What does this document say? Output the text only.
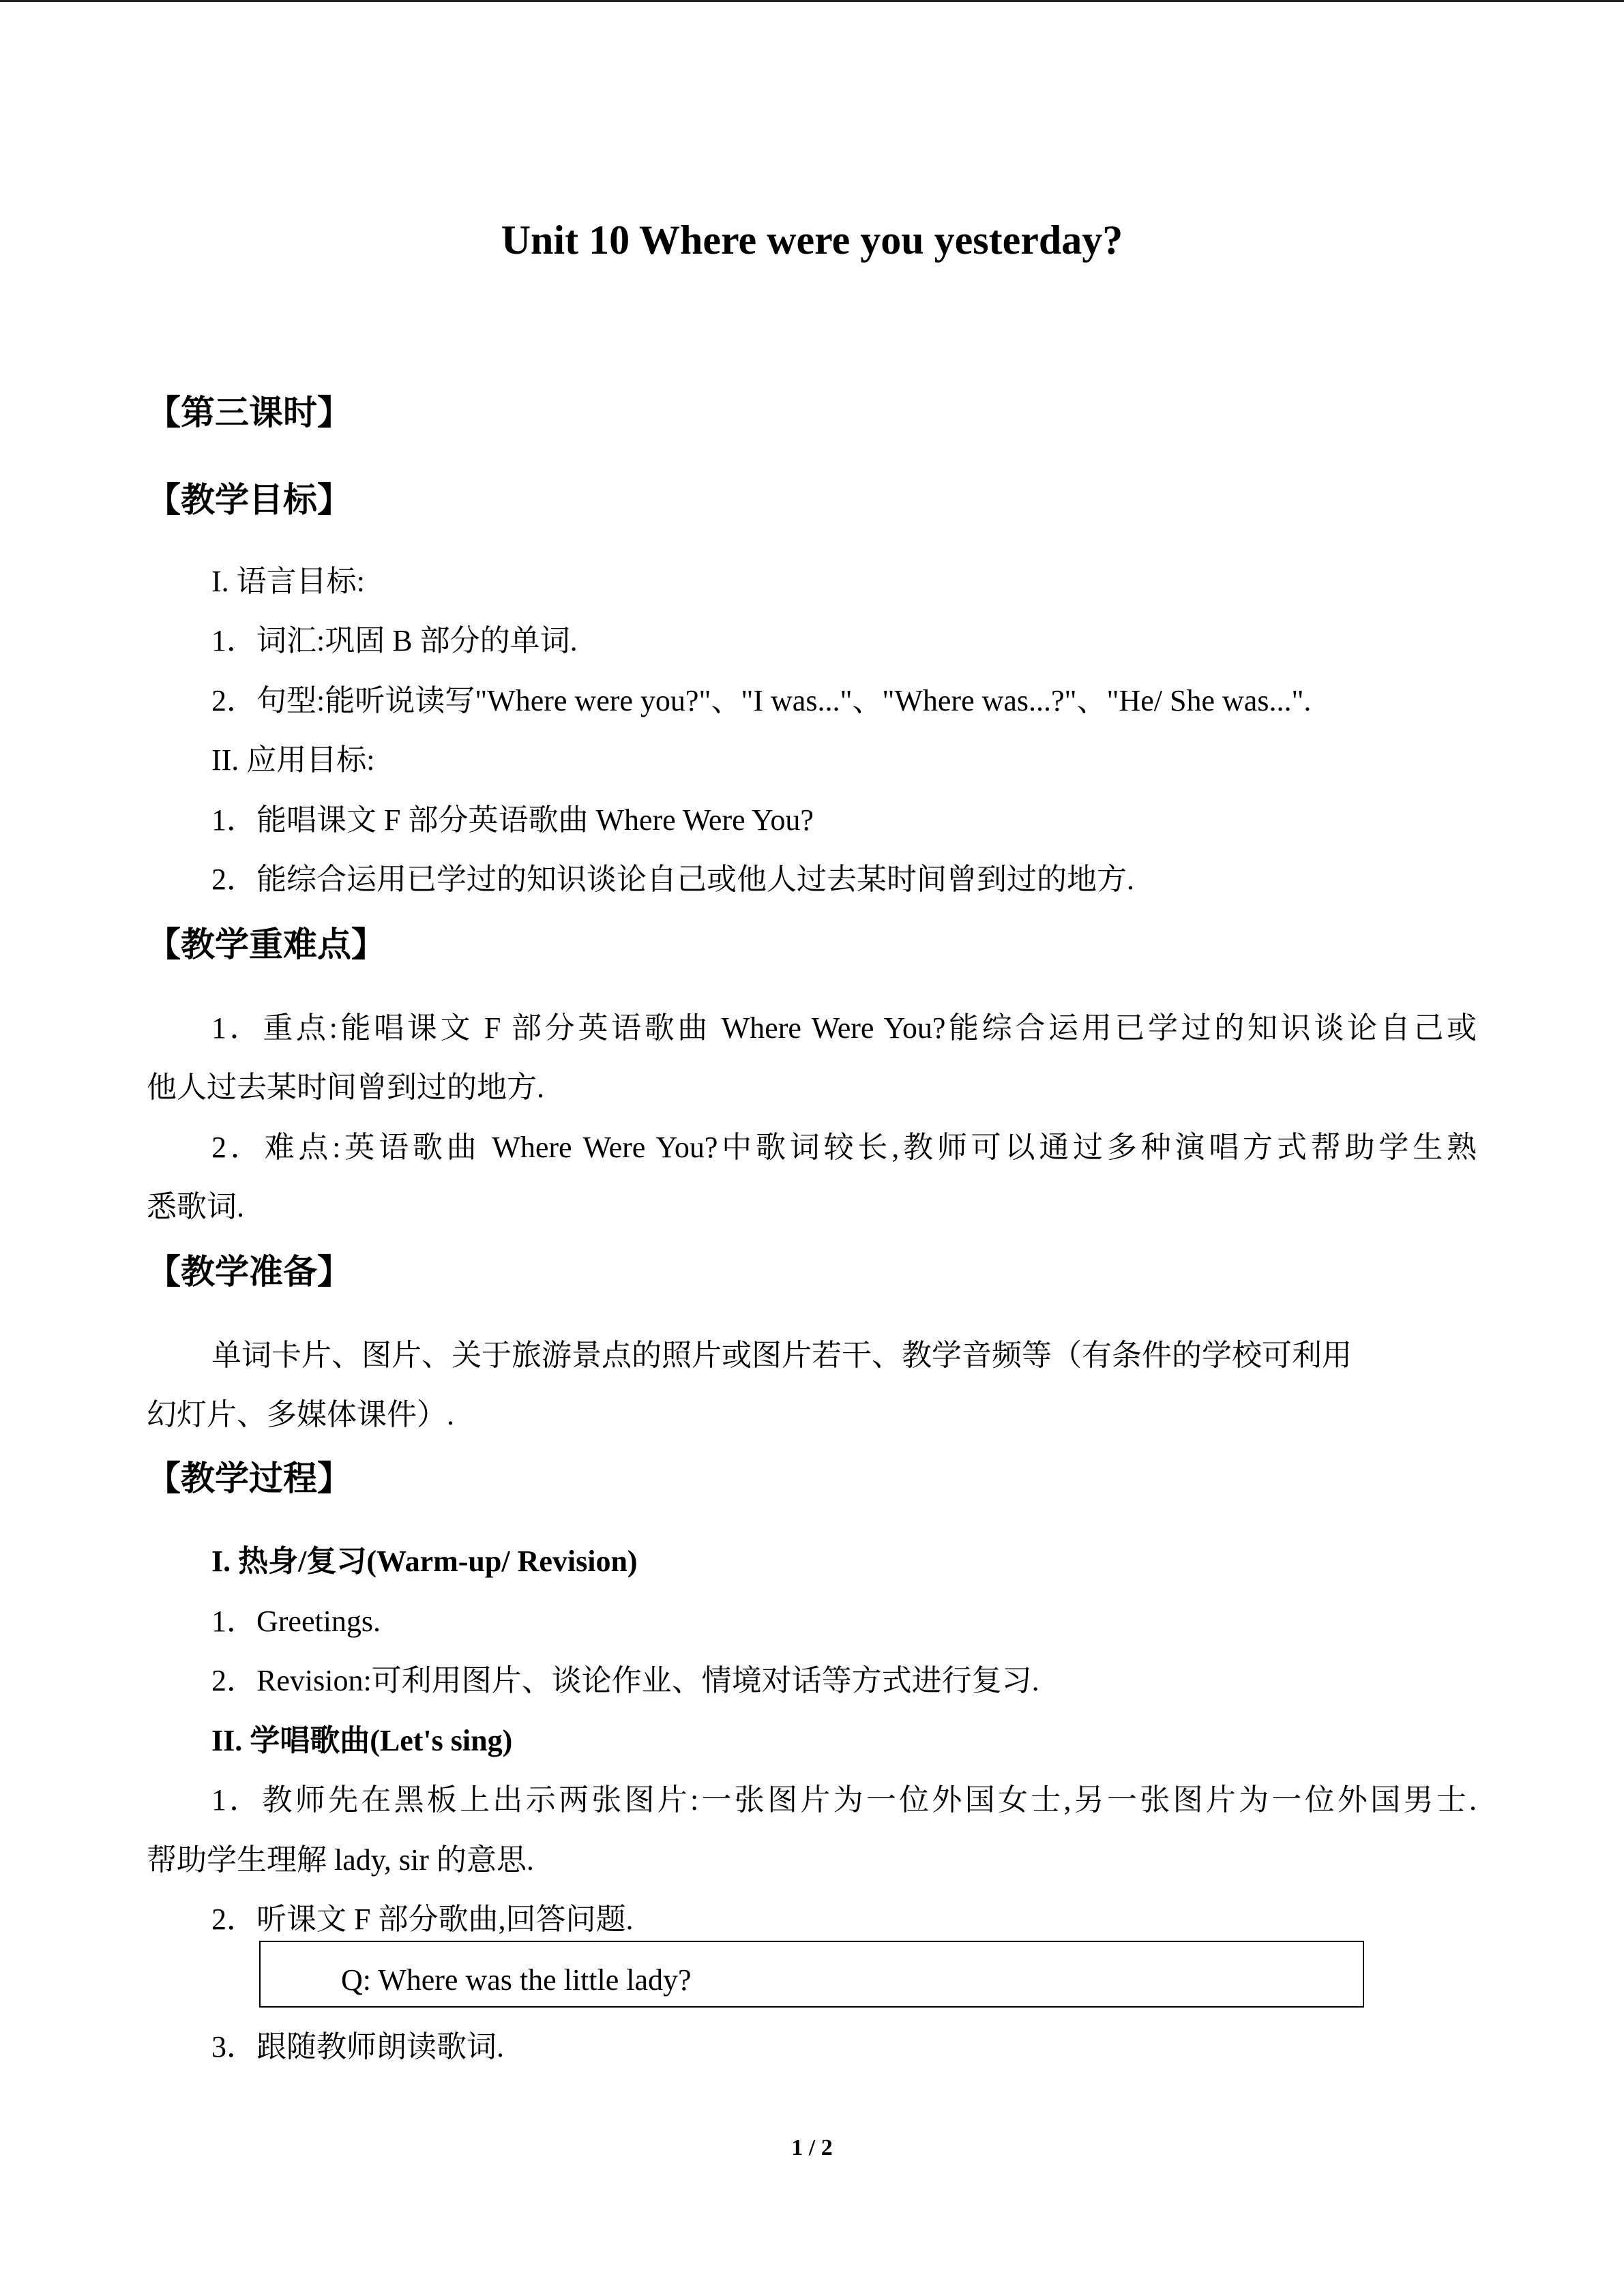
Unit 10 Where were you yesterday?
【第三课时】
【教学目标】
I. 语言目标:
1．词汇:巩固 B 部分的单词.
2．句型:能听说读写"Where were you?"、"I was..."、"Where was...?"、"He/ She was...".
II. 应用目标:
1．能唱课文 F 部分英语歌曲 Where Were You?
2．能综合运用已学过的知识谈论自己或他人过去某时间曾到过的地方.
【教学重难点】
1．重点:能唱课文 F 部分英语歌曲 Where Were You?能综合运用已学过的知识谈论自己或
他人过去某时间曾到过的地方.
2．难点:英语歌曲 Where Were You?中歌词较长,教师可以通过多种演唱方式帮助学生熟
悉歌词.
【教学准备】
单词卡片、图片、关于旅游景点的照片或图片若干、教学音频等（有条件的学校可利用
幻灯片、多媒体课件）.
【教学过程】
I. 热身/复习(Warm-up/ Revision)
1．Greetings.
2．Revision:可利用图片、谈论作业、情境对话等方式进行复习.
II. 学唱歌曲(Let's sing)
1．教师先在黑板上出示两张图片:一张图片为一位外国女士,另一张图片为一位外国男士.
帮助学生理解 lady, sir 的意思.
2．听课文 F 部分歌曲,回答问题.
Q: Where was the little lady?
3．跟随教师朗读歌词.
1 / 2
